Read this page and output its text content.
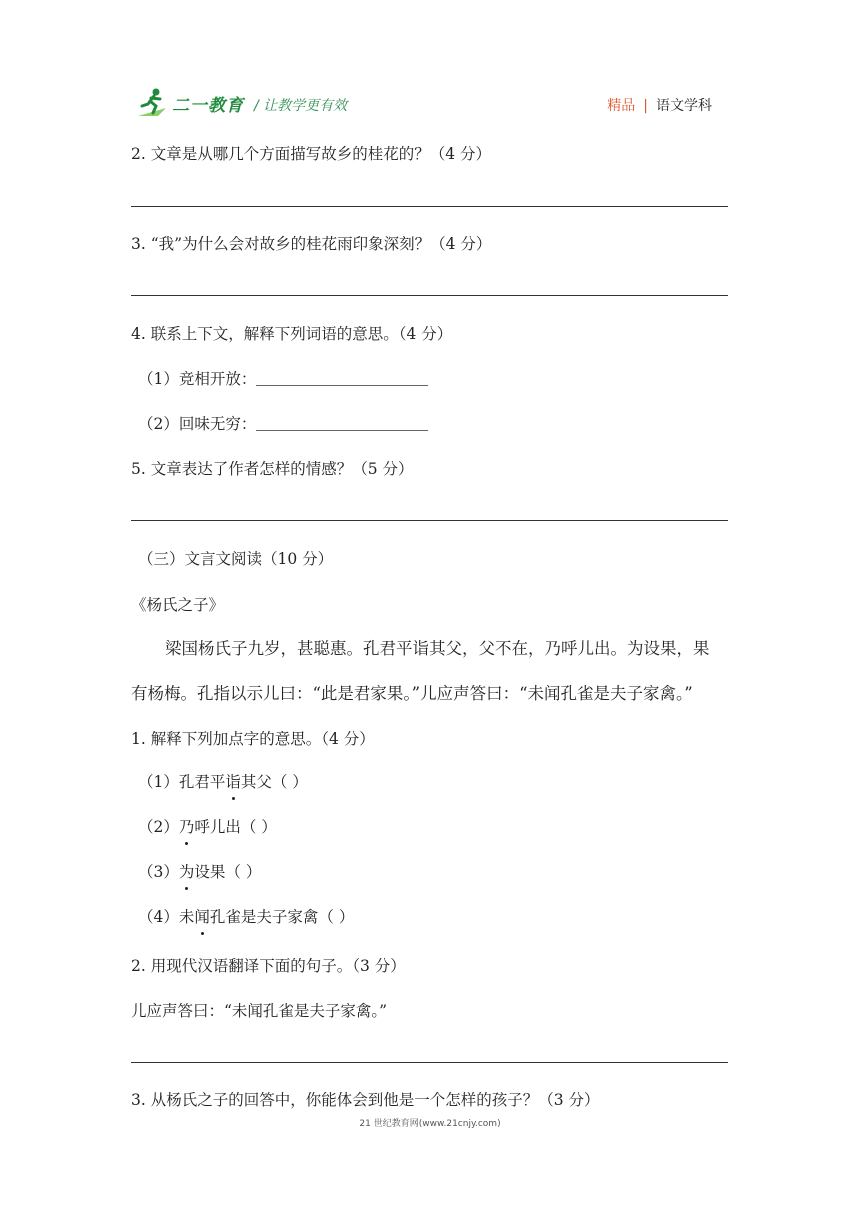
二一教育 / 让教学更有效	精品 | 语文学科
2. 文章是从哪几个方面描写故乡的桂花的？（4 分）
3. “我”为什么会对故乡的桂花雨印象深刻？（4 分）
4. 联系上下文，解释下列词语的意思。（4 分）
（1）竞相开放：
（2）回味无穷：
5. 文章表达了作者怎样的情感？（5 分）
（三）文言文阅读（10 分）
《杨氏之子》
梁国杨氏子九岁，甚聪惠。孔君平诣其父，父不在，乃呼儿出。为设果，果
有杨梅。孔指以示儿曰：“此是君家果。”儿应声答曰：“未闻孔雀是夫子家禽。”
1. 解释下列加点字的意思。（4 分）
（1）孔君平诣其父（ ）
（2）乃呼儿出（ ）
（3）为设果（ ）
（4）未闻孔雀是夫子家禽（ ）
2. 用现代汉语翻译下面的句子。（3 分）
儿应声答曰：“未闻孔雀是夫子家禽。”
3. 从杨氏之子的回答中，你能体会到他是一个怎样的孩子？（3 分）
21 世纪教育网(www.21cnjy.com)
